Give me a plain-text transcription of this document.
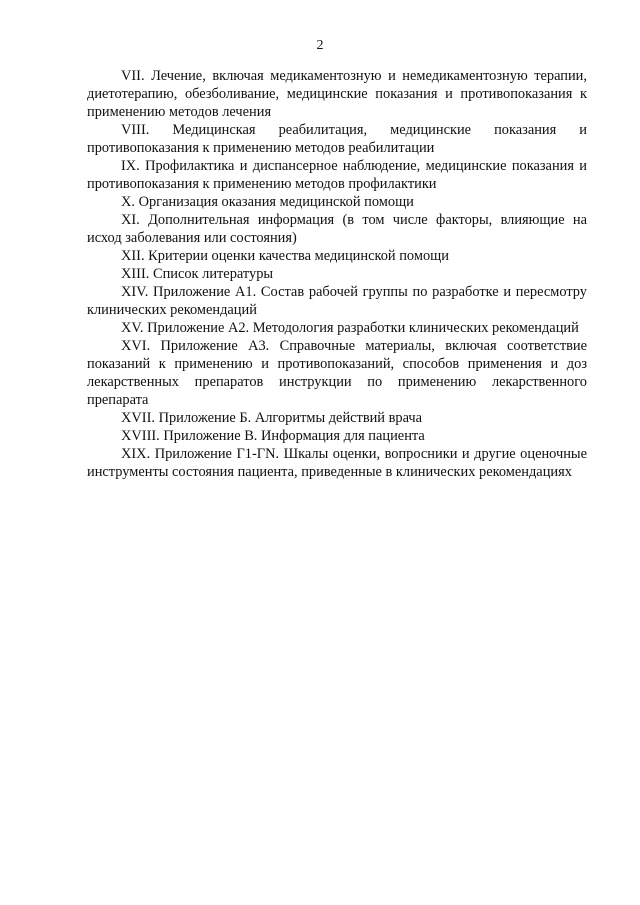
2

VII. Лечение, включая медикаментозную и немедикаментозную терапии, диетотерапию, обезболивание, медицинские показания и противопоказания к применению методов лечения

VIII. Медицинская реабилитация, медицинские показания и противопоказания к применению методов реабилитации

IX. Профилактика и диспансерное наблюдение, медицинские показания и противопоказания к применению методов профилактики

X. Организация оказания медицинской помощи

XI. Дополнительная информация (в том числе факторы, влияющие на исход заболевания или состояния)

XII. Критерии оценки качества медицинской помощи

XIII. Список литературы

XIV. Приложение А1. Состав рабочей группы по разработке и пересмотру клинических рекомендаций

XV. Приложение А2. Методология разработки клинических рекомендаций

XVI. Приложение А3. Справочные материалы, включая соответствие показаний к применению и противопоказаний, способов применения и доз лекарственных препаратов инструкции по применению лекарственного препарата

XVII. Приложение Б. Алгоритмы действий врача

XVIII. Приложение В. Информация для пациента

XIX. Приложение Г1-ГN. Шкалы оценки, вопросники и другие оценочные инструменты состояния пациента, приведенные в клинических рекомендациях
